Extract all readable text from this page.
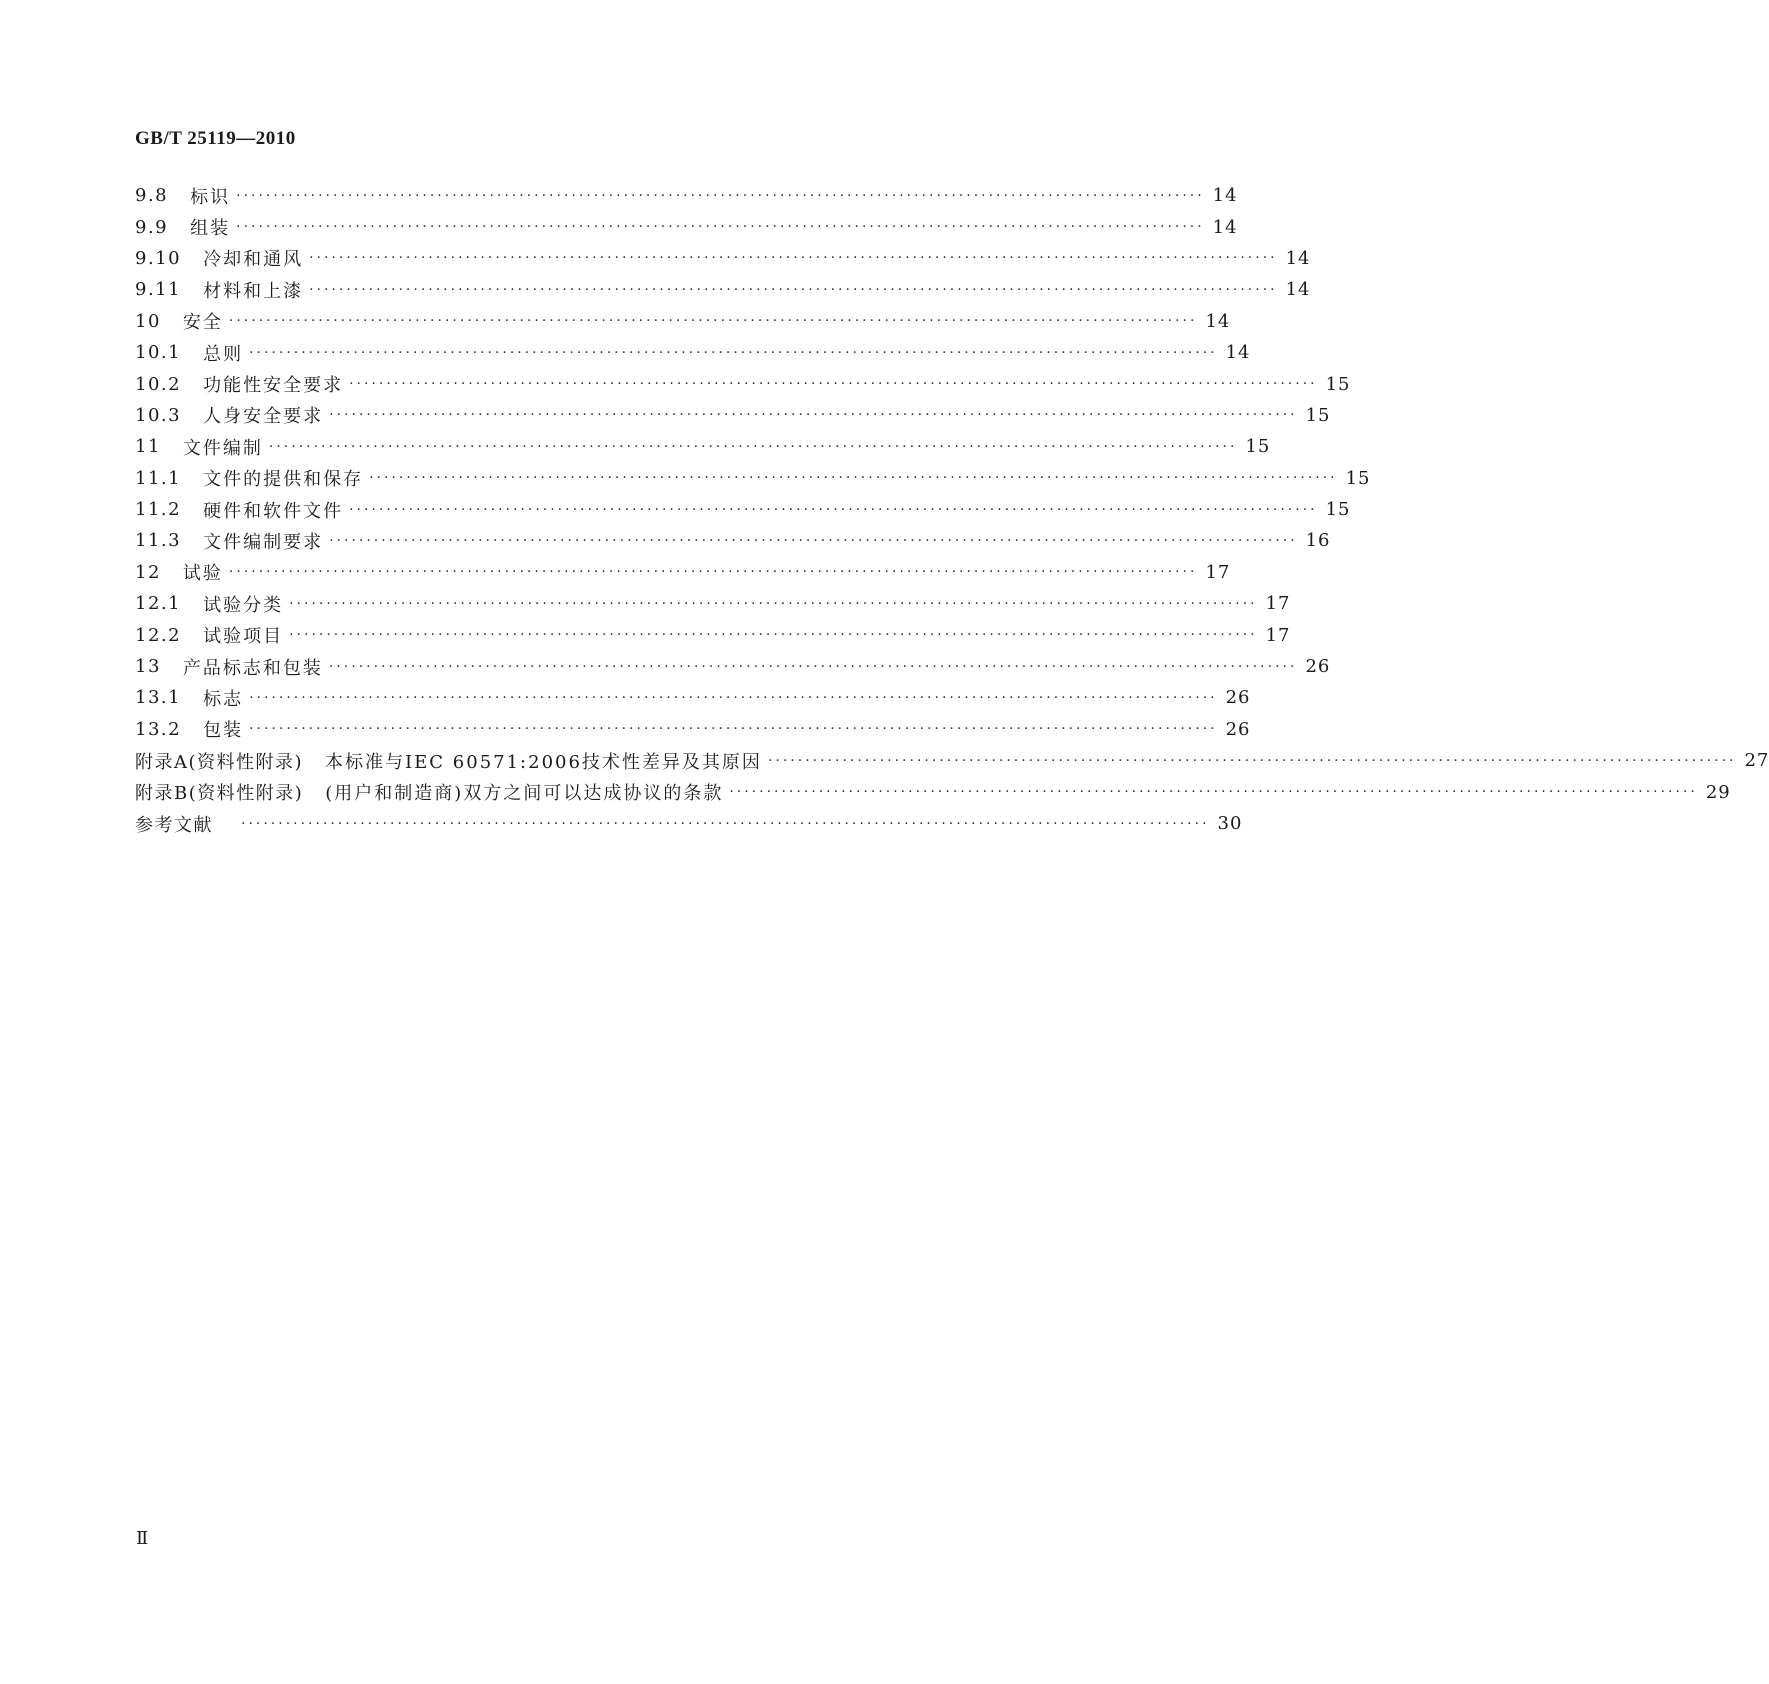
GB/T 25119—2010
9.8 标识 ·································································································································· 14
9.9 组装 ·································································································································· 14
9.10 冷却和通风 ·································································································································· 14
9.11 材料和上漆 ·································································································································· 14
10 安全 ·································································································································· 14
10.1 总则 ·································································································································· 14
10.2 功能性安全要求 ·································································································································· 15
10.3 人身安全要求 ·································································································································· 15
11 文件编制 ·································································································································· 15
11.1 文件的提供和保存 ·································································································································· 15
11.2 硬件和软件文件 ·································································································································· 15
11.3 文件编制要求 ·································································································································· 16
12 试验 ·································································································································· 17
12.1 试验分类 ·································································································································· 17
12.2 试验项目 ·································································································································· 17
13 产品标志和包装 ·································································································································· 26
13.1 标志 ·································································································································· 26
13.2 包装 ·································································································································· 26
附录A(资料性附录) 本标准与IEC 60571:2006技术性差异及其原因 ·································································································································· 27
附录B(资料性附录) (用户和制造商)双方之间可以达成协议的条款 ·································································································································· 29
参考文献 ·································································································································· 30
Ⅱ
